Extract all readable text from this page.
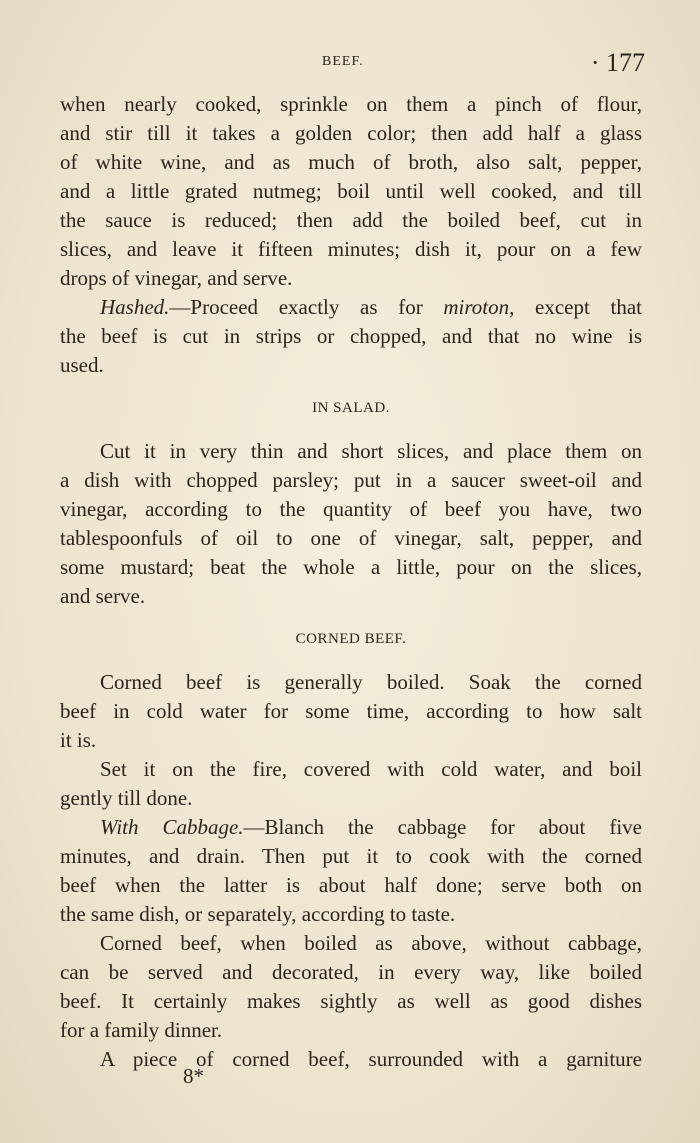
BEEF.	· 177
when nearly cooked, sprinkle on them a pinch of flour,
and stir till it takes a golden color; then add half a glass
of white wine, and as much of broth, also salt, pepper,
and a little grated nutmeg; boil until well cooked, and till
the sauce is reduced; then add the boiled beef, cut in
slices, and leave it fifteen minutes; dish it, pour on a few
drops of vinegar, and serve.
Hashed.—Proceed exactly as for miroton, except that
the beef is cut in strips or chopped, and that no wine is
used.
IN SALAD.
Cut it in very thin and short slices, and place them on
a dish with chopped parsley; put in a saucer sweet-oil and
vinegar, according to the quantity of beef you have, two
tablespoonfuls of oil to one of vinegar, salt, pepper, and
some mustard; beat the whole a little, pour on the slices,
and serve.
CORNED BEEF.
Corned beef is generally boiled. Soak the corned
beef in cold water for some time, according to how salt
it is.
Set it on the fire, covered with cold water, and boil
gently till done.
With Cabbage.—Blanch the cabbage for about five
minutes, and drain. Then put it to cook with the corned
beef when the latter is about half done; serve both on
the same dish, or separately, according to taste.
Corned beef, when boiled as above, without cabbage,
can be served and decorated, in every way, like boiled
beef. It certainly makes sightly as well as good dishes
for a family dinner.
A piece of corned beef, surrounded with a garniture
8*
